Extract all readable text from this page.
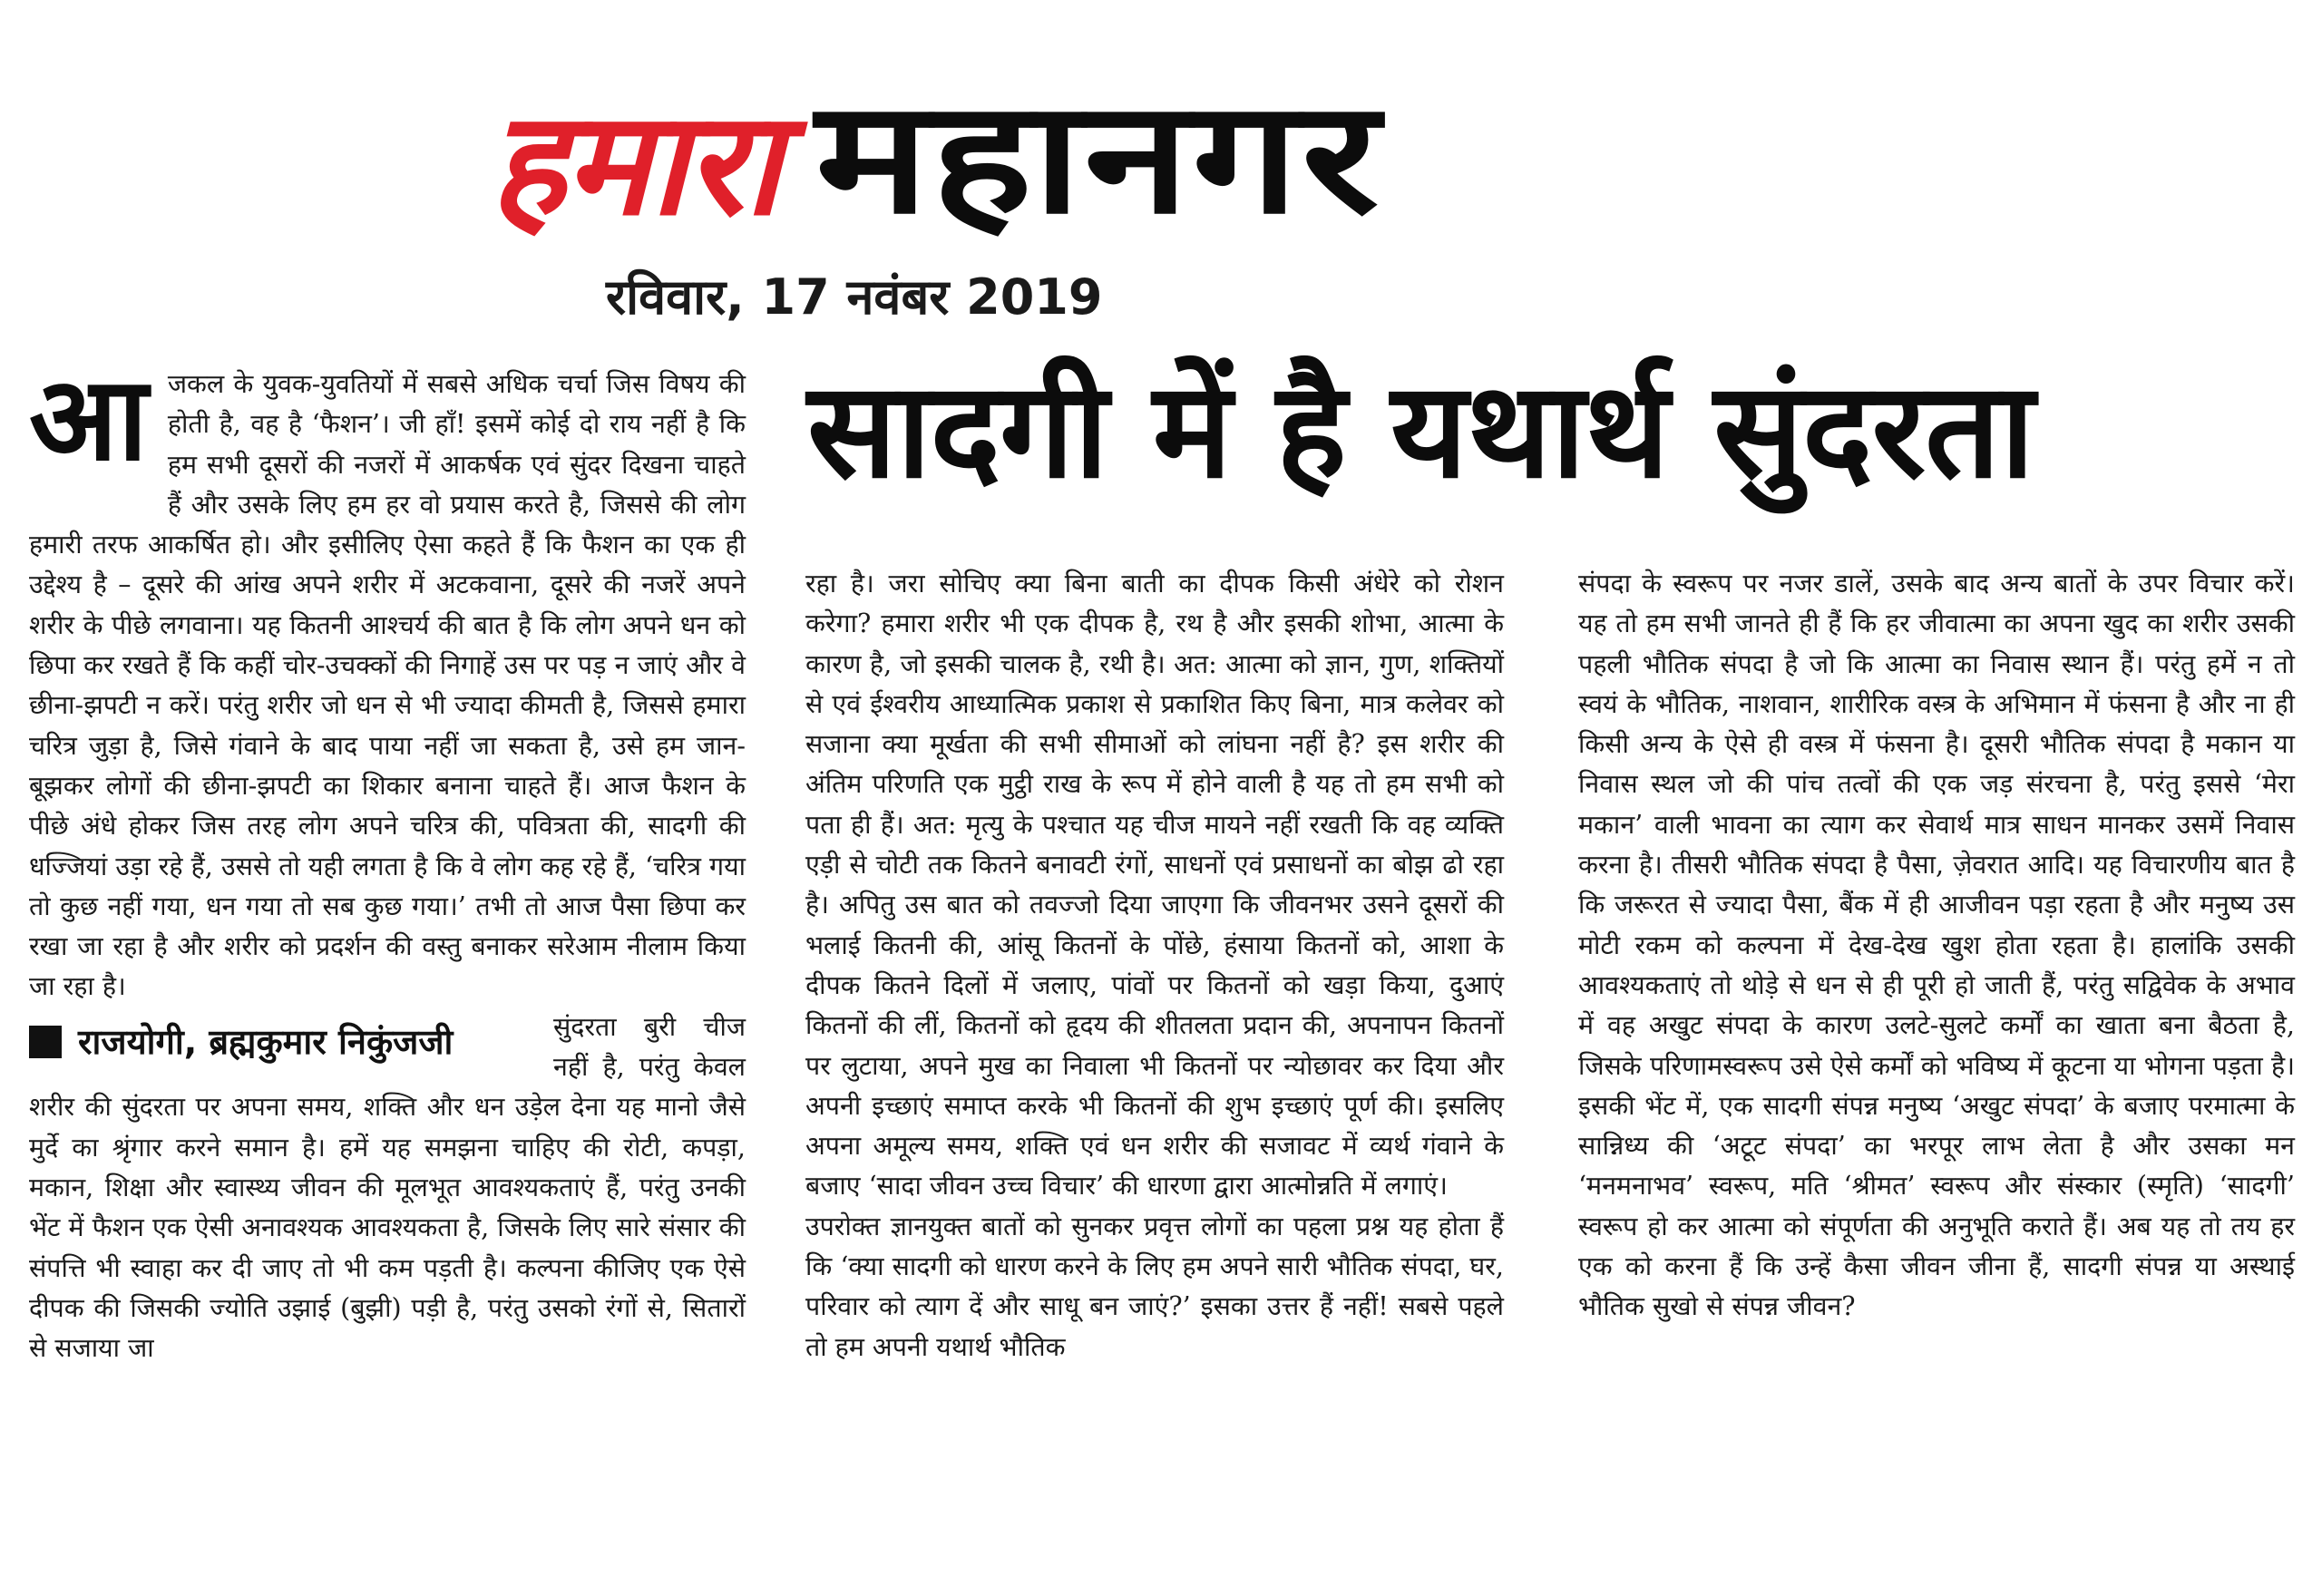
हमारा महानगर
रविवार, 17 नवंबर 2019
सादगी में है यथार्थ सुंदरता
आ जकल के युवक-युवतियों में सबसे अधिक चर्चा जिस विषय की होती है, वह है ‘फैशन’। जी हाँ! इसमें कोई दो राय नहीं है कि हम सभी दूसरों की नजरों में आकर्षक एवं सुंदर दिखना चाहते हैं और उसके लिए हम हर वो प्रयास करते है, जिससे की लोग हमारी तरफ आकर्षित हो। और इसीलिए ऐसा कहते हैं कि फैशन का एक ही उद्देश्य है – दूसरे की आंख अपने शरीर में अटकवाना, दूसरे की नजरें अपने शरीर के पीछे लगवाना। यह कितनी आश्चर्य की बात है कि लोग अपने धन को छिपा कर रखते हैं कि कहीं चोर-उचक्कों की निगाहें उस पर पड़ न जाएं और वे छीना-झपटी न करें। परंतु शरीर जो धन से भी ज्यादा कीमती है, जिससे हमारा चरित्र जुड़ा है, जिसे गंवाने के बाद पाया नहीं जा सकता है, उसे हम जान-बूझकर लोगों की छीना-झपटी का शिकार बनाना चाहते हैं। आज फैशन के पीछे अंधे होकर जिस तरह लोग अपने चरित्र की, पवित्रता की, सादगी की धज्जियां उड़ा रहे हैं, उससे तो यही लगता है कि वे लोग कह रहे हैं, ‘चरित्र गया तो कुछ नहीं गया, धन गया तो सब कुछ गया।’ तभी तो आज पैसा छिपा कर रखा जा रहा है और शरीर को प्रदर्शन की वस्तु बनाकर सरेआम नीलाम किया जा रहा है।

राजयोगी, ब्रह्मकुमार निकुंजजी	सुंदरता बुरी चीज नहीं है, परंतु केवल शरीर की सुंदरता पर अपना समय, शक्ति और धन उड़ेल देना यह मानो जैसे मुर्दे का श्रृंगार करने समान है। हमें यह समझना चाहिए की रोटी, कपड़ा, मकान, शिक्षा और स्वास्थ्य जीवन की मूलभूत आवश्यकताएं हैं, परंतु उनकी भेंट में फैशन एक ऐसी अनावश्यक आवश्यकता है, जिसके लिए सारे संसार की संपत्ति भी स्वाहा कर दी जाए तो भी कम पड़ती है। कल्पना कीजिए एक ऐसे दीपक की जिसकी ज्योति उझाई (बुझी) पड़ी है, परंतु उसको रंगों से, सितारों से सजाया जा

रहा है। जरा सोचिए क्या बिना बाती का दीपक किसी अंधेरे को रोशन करेगा? हमारा शरीर भी एक दीपक है, रथ है और इसकी शोभा, आत्मा के कारण है, जो इसकी चालक है, रथी है। अत: आत्मा को ज्ञान, गुण, शक्तियों से एवं ईश्वरीय आध्यात्मिक प्रकाश से प्रकाशित किए बिना, मात्र कलेवर को सजाना क्या मूर्खता की सभी सीमाओं को लांघना नहीं है? इस शरीर की अंतिम परिणति एक मुट्ठी राख के रूप में होने वाली है यह तो हम सभी को पता ही हैं। अत: मृत्यु के पश्चात यह चीज मायने नहीं रखती कि वह व्यक्ति एड़ी से चोटी तक कितने बनावटी रंगों, साधनों एवं प्रसाधनों का बोझ ढो रहा है। अपितु उस बात को तवज्जो दिया जाएगा कि जीवनभर उसने दूसरों की भलाई कितनी की, आंसू कितनों के पोंछे, हंसाया कितनों को, आशा के दीपक कितने दिलों में जलाए, पांवों पर कितनों को खड़ा किया, दुआएं कितनों की लीं, कितनों को हृदय की शीतलता प्रदान की, अपनापन कितनों पर लुटाया, अपने मुख का निवाला भी कितनों पर न्योछावर कर दिया और अपनी इच्छाएं समाप्त करके भी कितनों की शुभ इच्छाएं पूर्ण की। इसलिए अपना अमूल्य समय, शक्ति एवं धन शरीर की सजावट में व्यर्थ गंवाने के बजाए ‘सादा जीवन उच्च विचार’ की धारणा द्वारा आत्मोन्नति में लगाएं।

उपरोक्त ज्ञानयुक्त बातों को सुनकर प्रवृत्त लोगों का पहला प्रश्न यह होता हैं कि ‘क्या सादगी को धारण करने के लिए हम अपने सारी भौतिक संपदा, घर, परिवार को त्याग दें और साधू बन जाएं?’ इसका उत्तर हैं नहीं! सबसे पहले तो हम अपनी यथार्थ भौतिक

संपदा के स्वरूप पर नजर डालें, उसके बाद अन्य बातों के उपर विचार करें। यह तो हम सभी जानते ही हैं कि हर जीवात्मा का अपना खुद का शरीर उसकी पहली भौतिक संपदा है जो कि आत्मा का निवास स्थान हैं। परंतु हमें न तो स्वयं के भौतिक, नाशवान, शारीरिक वस्त्र के अभिमान में फंसना है और ना ही किसी अन्य के ऐसे ही वस्त्र में फंसना है। दूसरी भौतिक संपदा है मकान या निवास स्थल जो की पांच तत्वों की एक जड़ संरचना है, परंतु इससे ‘मेरा मकान’ वाली भावना का त्याग कर सेवार्थ मात्र साधन मानकर उसमें निवास करना है। तीसरी भौतिक संपदा है पैसा, ज़ेवरात आदि। यह विचारणीय बात है कि जरूरत से ज्यादा पैसा, बैंक में ही आजीवन पड़ा रहता है और मनुष्य उस मोटी रकम को कल्पना में देख-देख खुश होता रहता है। हालांकि उसकी आवश्यकताएं तो थोड़े से धन से ही पूरी हो जाती हैं, परंतु सद्विवेक के अभाव में वह अखुट संपदा के कारण उलटे-सुलटे कर्मों का खाता बना बैठता है, जिसके परिणामस्वरूप उसे ऐसे कर्मों को भविष्य में कूटना या भोगना पड़ता है। इसकी भेंट में, एक सादगी संपन्न मनुष्य ‘अखुट संपदा’ के बजाए परमात्मा के सान्निध्य की ‘अटूट संपदा’ का भरपूर लाभ लेता है और उसका मन ‘मनमनाभव’ स्वरूप, मति ‘श्रीमत’ स्वरूप और संस्कार (स्मृति) ‘सादगी’ स्वरूप हो कर आत्मा को संपूर्णता की अनुभूति कराते हैं। अब यह तो तय हर एक को करना हैं कि उन्हें कैसा जीवन जीना हैं, सादगी संपन्न या अस्थाई भौतिक सुखो से संपन्न जीवन?
